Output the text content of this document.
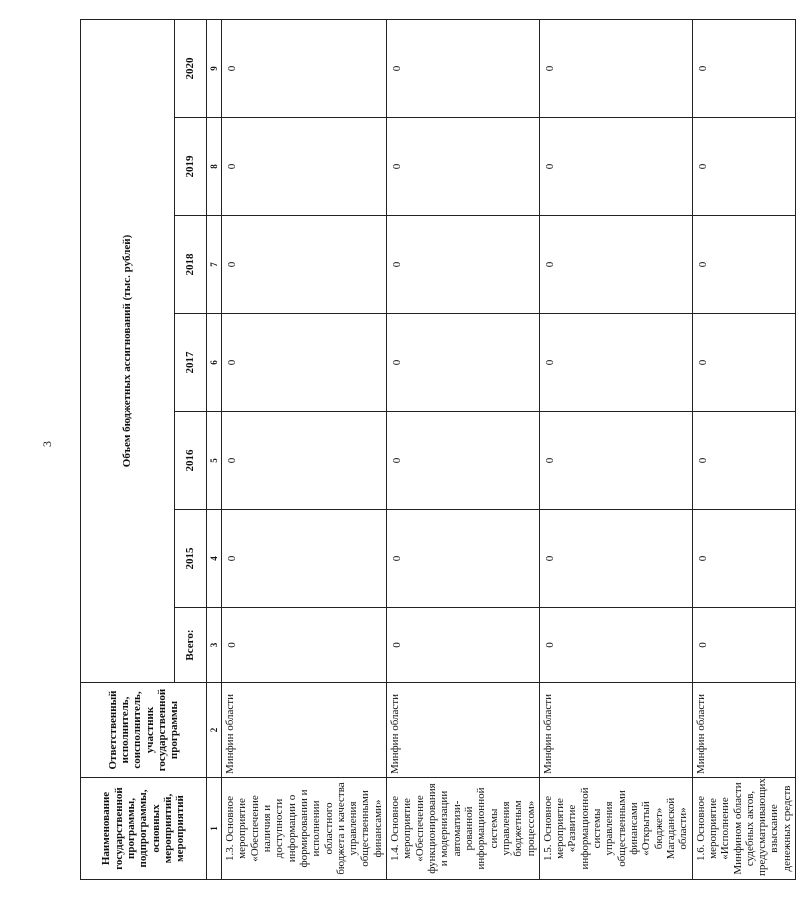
3
Наименование государственной программы, подпрограммы, основных мероприятий, мероприятий	Ответственный исполнитель, соисполнитель, участник государственной программы	Объем бюджетных ассигнований (тыс. рублей)						
		Всего:	2015	2016	2017	2018	2019	2020
1	2	3	4	5	6	7	8	9
1.3. Основное мероприятие «Обеспечение наличия и доступности информации о формировании и исполнении областного бюджета и качества управления общественными финансами»	Минфин области	0	0	0	0	0	0	0
1.4. Основное мероприятие «Обеспечение функционирования и модернизации автоматизи-рованной информационной системы управления бюджетным процессом»	Минфин области	0	0	0	0	0	0	0
1.5. Основное мероприятие «Развитие информационной системы управления общественными финансами «Открытый бюджет» Магаданской области»	Минфин области	0	0	0	0	0	0	0
1.6. Основное мероприятие «Исполнение Минфином области судебных актов, предусматривающих взыскание денежных средств	Минфин области	0	0	0	0	0	0	0
